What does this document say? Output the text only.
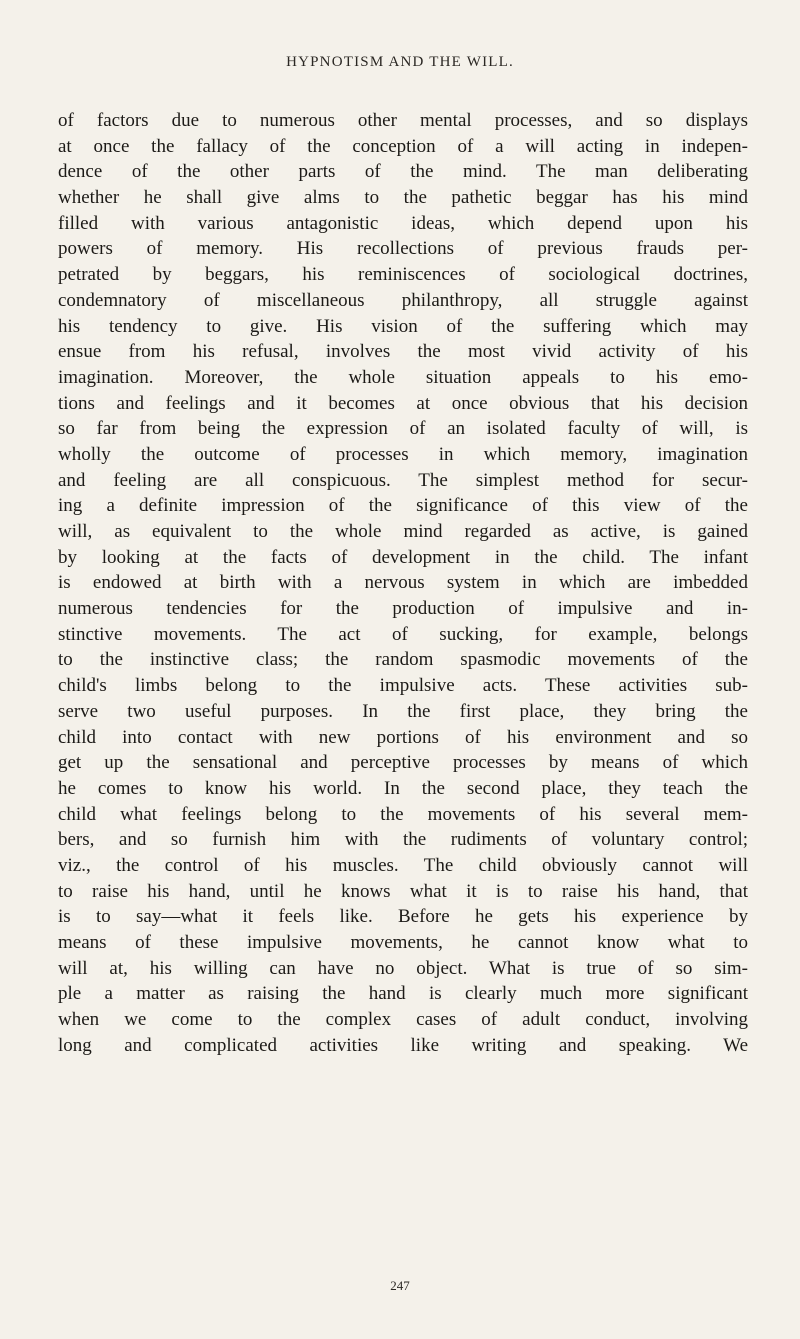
HYPNOTISM AND THE WILL.
of factors due to numerous other mental processes, and so displays
at once the fallacy of the conception of a will acting in indepen-
dence of the other parts of the mind. The man deliberating
whether he shall give alms to the pathetic beggar has his mind
filled with various antagonistic ideas, which depend upon his
powers of memory. His recollections of previous frauds per-
petrated by beggars, his reminiscences of sociological doctrines,
condemnatory of miscellaneous philanthropy, all struggle against
his tendency to give. His vision of the suffering which may
ensue from his refusal, involves the most vivid activity of his
imagination. Moreover, the whole situation appeals to his emo-
tions and feelings and it becomes at once obvious that his decision
so far from being the expression of an isolated faculty of will, is
wholly the outcome of processes in which memory, imagination
and feeling are all conspicuous. The simplest method for secur-
ing a definite impression of the significance of this view of the
will, as equivalent to the whole mind regarded as active, is gained
by looking at the facts of development in the child. The infant
is endowed at birth with a nervous system in which are imbedded
numerous tendencies for the production of impulsive and in-
stinctive movements. The act of sucking, for example, belongs
to the instinctive class; the random spasmodic movements of the
child's limbs belong to the impulsive acts. These activities sub-
serve two useful purposes. In the first place, they bring the
child into contact with new portions of his environment and so
get up the sensational and perceptive processes by means of which
he comes to know his world. In the second place, they teach the
child what feelings belong to the movements of his several mem-
bers, and so furnish him with the rudiments of voluntary control;
viz., the control of his muscles. The child obviously cannot will
to raise his hand, until he knows what it is to raise his hand, that
is to say—what it feels like. Before he gets his experience by
means of these impulsive movements, he cannot know what to
will at, his willing can have no object. What is true of so sim-
ple a matter as raising the hand is clearly much more significant
when we come to the complex cases of adult conduct, involving
long and complicated activities like writing and speaking. We
247
